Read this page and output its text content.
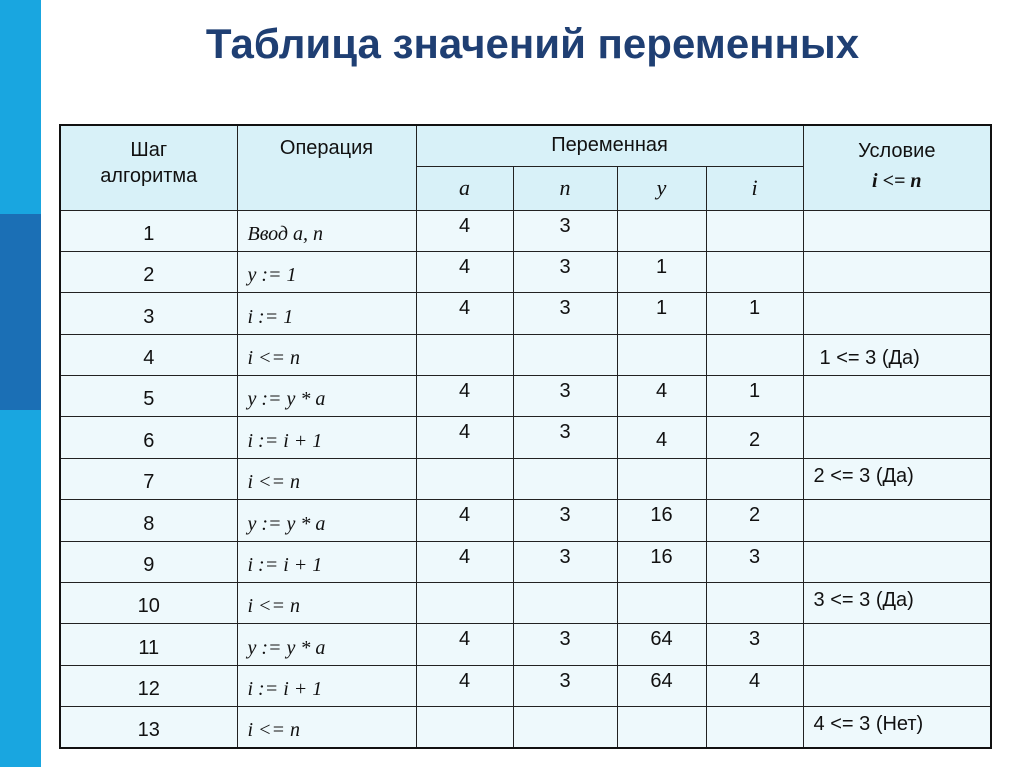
Таблица значений переменных
Шаг
алгоритма	Операция	Переменная				Условие
i <= n
		a	n	y	i	
1	Ввод a, n	4	3			
2	y := 1	4	3	1		
3	i := 1	4	3	1	1	
4	i <= n					1 <= 3 (Да)
5	y := y * a	4	3	4	1	
6	i := i + 1	4	3	4	2	
7	i <= n					2 <= 3 (Да)
8	y := y * a	4	3	16	2	
9	i := i + 1	4	3	16	3	
10	i <= n					3 <= 3 (Да)
11	y := y * a	4	3	64	3	
12	i := i + 1	4	3	64	4	
13	i <= n					4 <= 3 (Нет)
